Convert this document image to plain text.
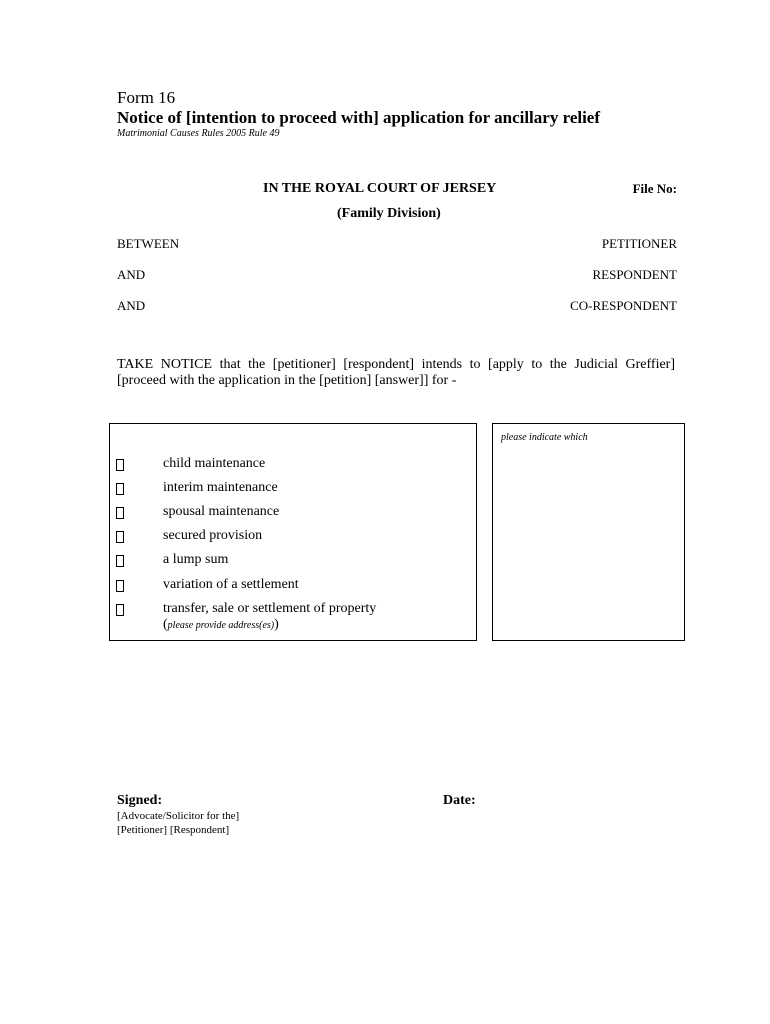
Form 16
Notice of [intention to proceed with] application for ancillary relief
Matrimonial Causes Rules 2005 Rule 49
IN THE ROYAL COURT OF JERSEY	File No:
(Family Division)
BETWEEN	PETITIONER
AND	RESPONDENT
AND	CO-RESPONDENT
TAKE NOTICE that the [petitioner] [respondent] intends to [apply to the Judicial Greffier] [proceed with the application in the [petition] [answer]] for -
child maintenance
interim maintenance
spousal maintenance
secured provision
a lump sum
variation of a settlement
transfer, sale or settlement of property
(please provide address(es))
please indicate which
Signed:	Date:
[Advocate/Solicitor for the]
[Petitioner] [Respondent]
